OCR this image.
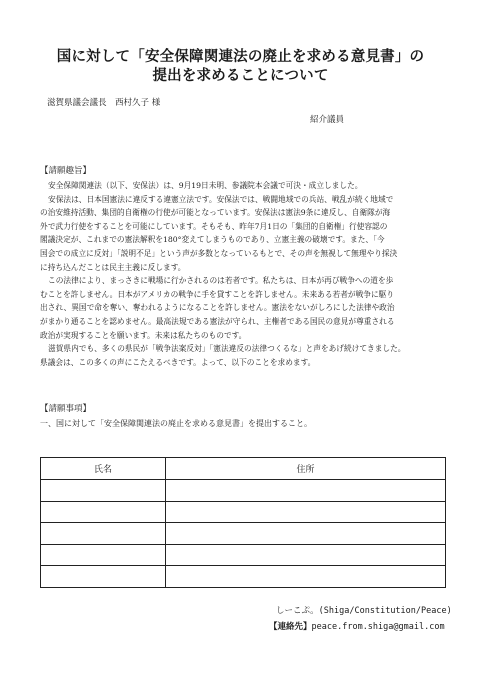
国に対して「安全保障関連法の廃止を求める意見書」の
提出を求めることについて
滋賀県議会議長　西村久子 様
紹介議員
【請願趣旨】

安全保障関連法（以下、安保法）は、9月19日未明、参議院本会議で可決・成立しました。

安保法は、日本国憲法に違反する違憲立法です。安保法では、戦闘地域での兵站、戦乱が続く地域で

の治安維持活動、集団的自衛権の行使が可能となっています。安保法は憲法9条に違反し、自衛隊が海

外で武力行使をすることを可能にしています。そもそも、昨年7月1日の「集団的自衛権」行使容認の

閣議決定が、これまでの憲法解釈を180°変えてしまうものであり、立憲主義の破壊です。また、「今

国会での成立に反対」「説明不足」という声が多数となっているもとで、その声を無視して無理やり採決

に持ち込んだことは民主主義に反します。

この法律により、まっさきに戦場に行かされるのは若者です。私たちは、日本が再び戦争への道を歩

むことを許しません。日本がアメリカの戦争に手を貸すことを許しません。未来ある若者が戦争に駆り

出され、異国で命を奪い、奪われるようになることを許しません。憲法をないがしろにした法律や政治

がまかり通ることを認めません。最高法規である憲法が守られ、主権者である国民の意見が尊重される

政治が実現することを願います。未来は私たちのものです。

滋賀県内でも、多くの県民が「戦争法案反対」「憲法違反の法律つくるな」と声をあげ続けてきました。

県議会は、この多くの声にこたえるべきです。よって、以下のことを求めます。

【請願事項】
一、国に対して「安全保障関連法の廃止を求める意見書」を提出すること。
氏名	住所

しーこぷ。(Shiga/Constitution/Peace)
【連絡先】peace.from.shiga@gmail.com
